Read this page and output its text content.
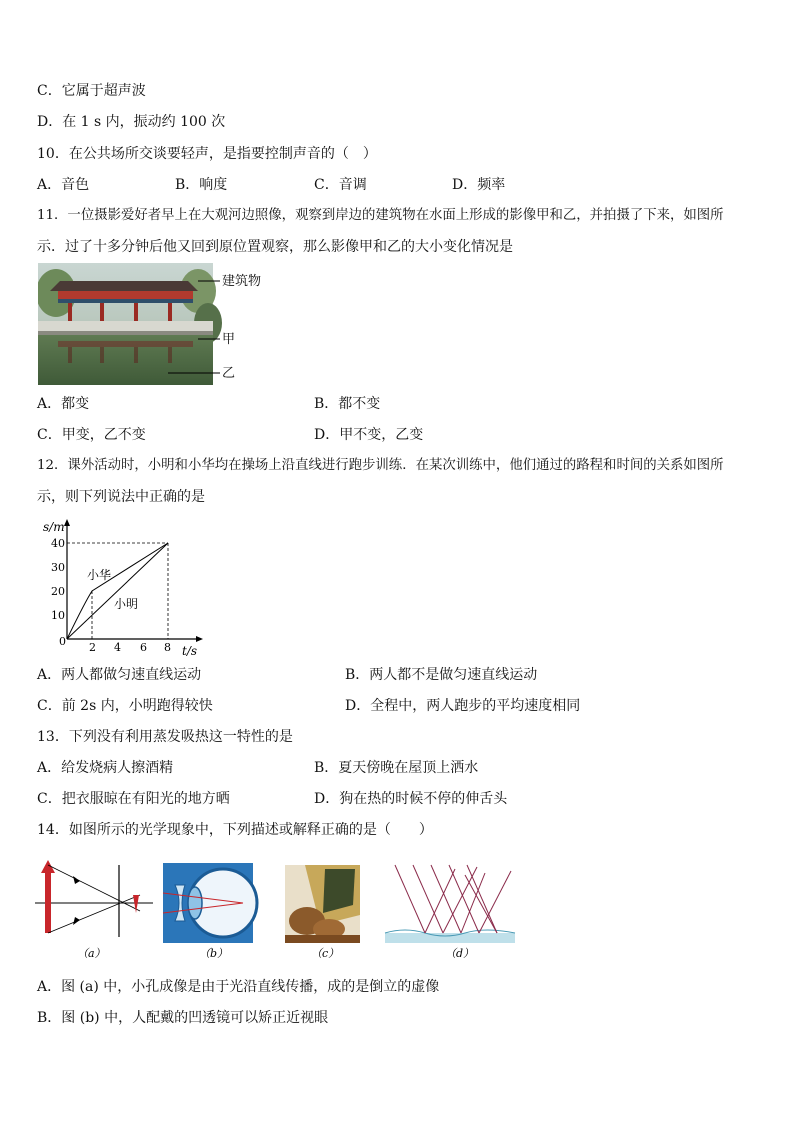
C．它属于超声波
D．在 1 s 内，振动约 100 次
10．在公共场所交谈要轻声，是指要控制声音的（　）
A．音色	B．响度	C．音调	D．频率
11．一位摄影爱好者早上在大观河边照像，观察到岸边的建筑物在水面上形成的影像甲和乙，并拍摄了下来，如图所
示．过了十多分钟后他又回到原位置观察，那么影像甲和乙的大小变化情况是
建筑物
甲
乙
A．都变	B．都不变
C．甲变，乙不变	D．甲不变，乙变
12．课外活动时，小明和小华均在操场上沿直线进行跑步训练．在某次训练中，他们通过的路程和时间的关系如图所
示，则下列说法中正确的是
s/m
40
30
20
10
0 2 4 6 8 t/s
小华
小明
A．两人都做匀速直线运动	B．两人都不是做匀速直线运动
C．前 2s 内，小明跑得较快	D．全程中，两人跑步的平均速度相同
13．下列没有利用蒸发吸热这一特性的是
A．给发烧病人擦酒精	B．夏天傍晚在屋顶上洒水
C．把衣服晾在有阳光的地方晒	D．狗在热的时候不停的伸舌头
14．如图所示的光学现象中，下列描述或解释正确的是（　　）
（a）	（b）	（c）	（d）
A．图 (a) 中，小孔成像是由于光沿直线传播，成的是倒立的虚像
B．图 (b) 中，人配戴的凹透镜可以矫正近视眼
